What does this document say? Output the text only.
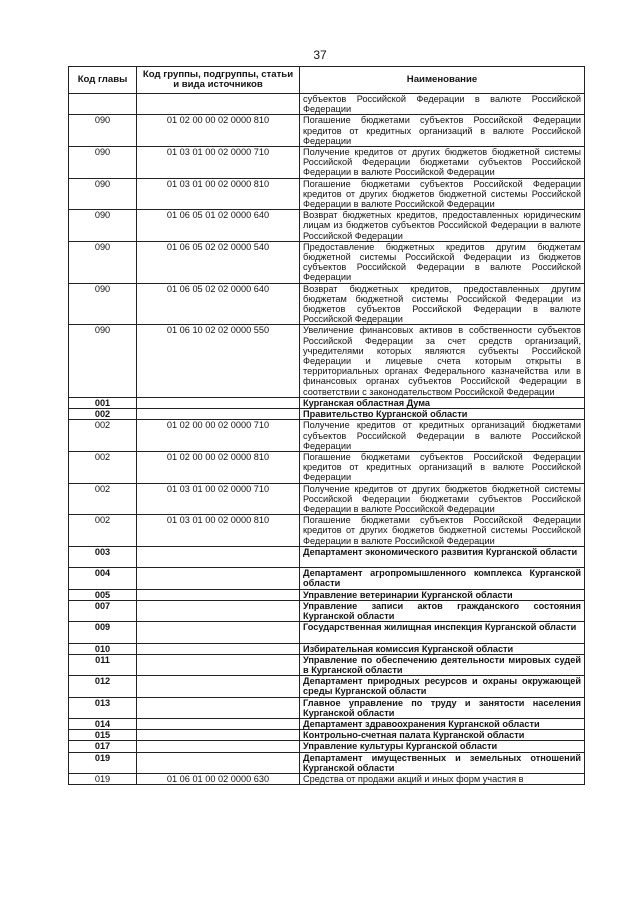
37
Код главы	Код группы, подгруппы, статьи и вида источников	Наименование
		субъектов Российской Федерации в валюте Российской Федерации
090	01 02 00 00 02 0000 810	Погашение бюджетами субъектов Российской Федерации кредитов от кредитных организаций в валюте Российской Федерации
090	01 03 01 00 02 0000 710	Получение кредитов от других бюджетов бюджетной системы Российской Федерации бюджетами субъектов Российской Федерации в валюте Российской Федерации
090	01 03 01 00 02 0000 810	Погашение бюджетами субъектов Российской Федерации кредитов от других бюджетов бюджетной системы Российской Федерации в валюте Российской Федерации
090	01 06 05 01 02 0000 640	Возврат бюджетных кредитов, предоставленных юридическим лицам из бюджетов субъектов Российской Федерации в валюте Российской Федерации
090	01 06 05 02 02 0000 540	Предоставление бюджетных кредитов другим бюджетам бюджетной системы Российской Федерации из бюджетов субъектов Российской Федерации в валюте Российской Федерации
090	01 06 05 02 02 0000 640	Возврат бюджетных кредитов, предоставленных другим бюджетам бюджетной системы Российской Федерации из бюджетов субъектов Российской Федерации в валюте Российской Федерации
090	01 06 10 02 02 0000 550	Увеличение финансовых активов в собственности субъектов Российской Федерации за счет средств организаций, учредителями которых являются субъекты Российской Федерации и лицевые счета которым открыты в территориальных органах Федерального казначейства или в финансовых органах субъектов Российской Федерации в соответствии с законодательством Российской Федерации
001		Курганская областная Дума
002		Правительство Курганской области
002	01 02 00 00 02 0000 710	Получение кредитов от кредитных организаций бюджетами субъектов Российской Федерации в валюте Российской Федерации
002	01 02 00 00 02 0000 810	Погашение бюджетами субъектов Российской Федерации кредитов от кредитных организаций в валюте Российской Федерации
002	01 03 01 00 02 0000 710	Получение кредитов от других бюджетов бюджетной системы Российской Федерации бюджетами субъектов Российской Федерации в валюте Российской Федерации
002	01 03 01 00 02 0000 810	Погашение бюджетами субъектов Российской Федерации кредитов от других бюджетов бюджетной системы Российской Федерации в валюте Российской Федерации
003		Департамент экономического развития Курганской области
004		Департамент агропромышленного комплекса Курганской области
005		Управление ветеринарии Курганской области
007		Управление записи актов гражданского состояния Курганской области
009		Государственная жилищная инспекция Курганской области
010		Избирательная комиссия Курганской области
011		Управление по обеспечению деятельности мировых судей в Курганской области
012		Департамент природных ресурсов и охраны окружающей среды Курганской области
013		Главное управление по труду и занятости населения Курганской области
014		Департамент здравоохранения Курганской области
015		Контрольно-счетная палата Курганской области
017		Управление культуры Курганской области
019		Департамент имущественных и земельных отношений Курганской области
019	01 06 01 00 02 0000 630	Средства от продажи акций и иных форм участия в
